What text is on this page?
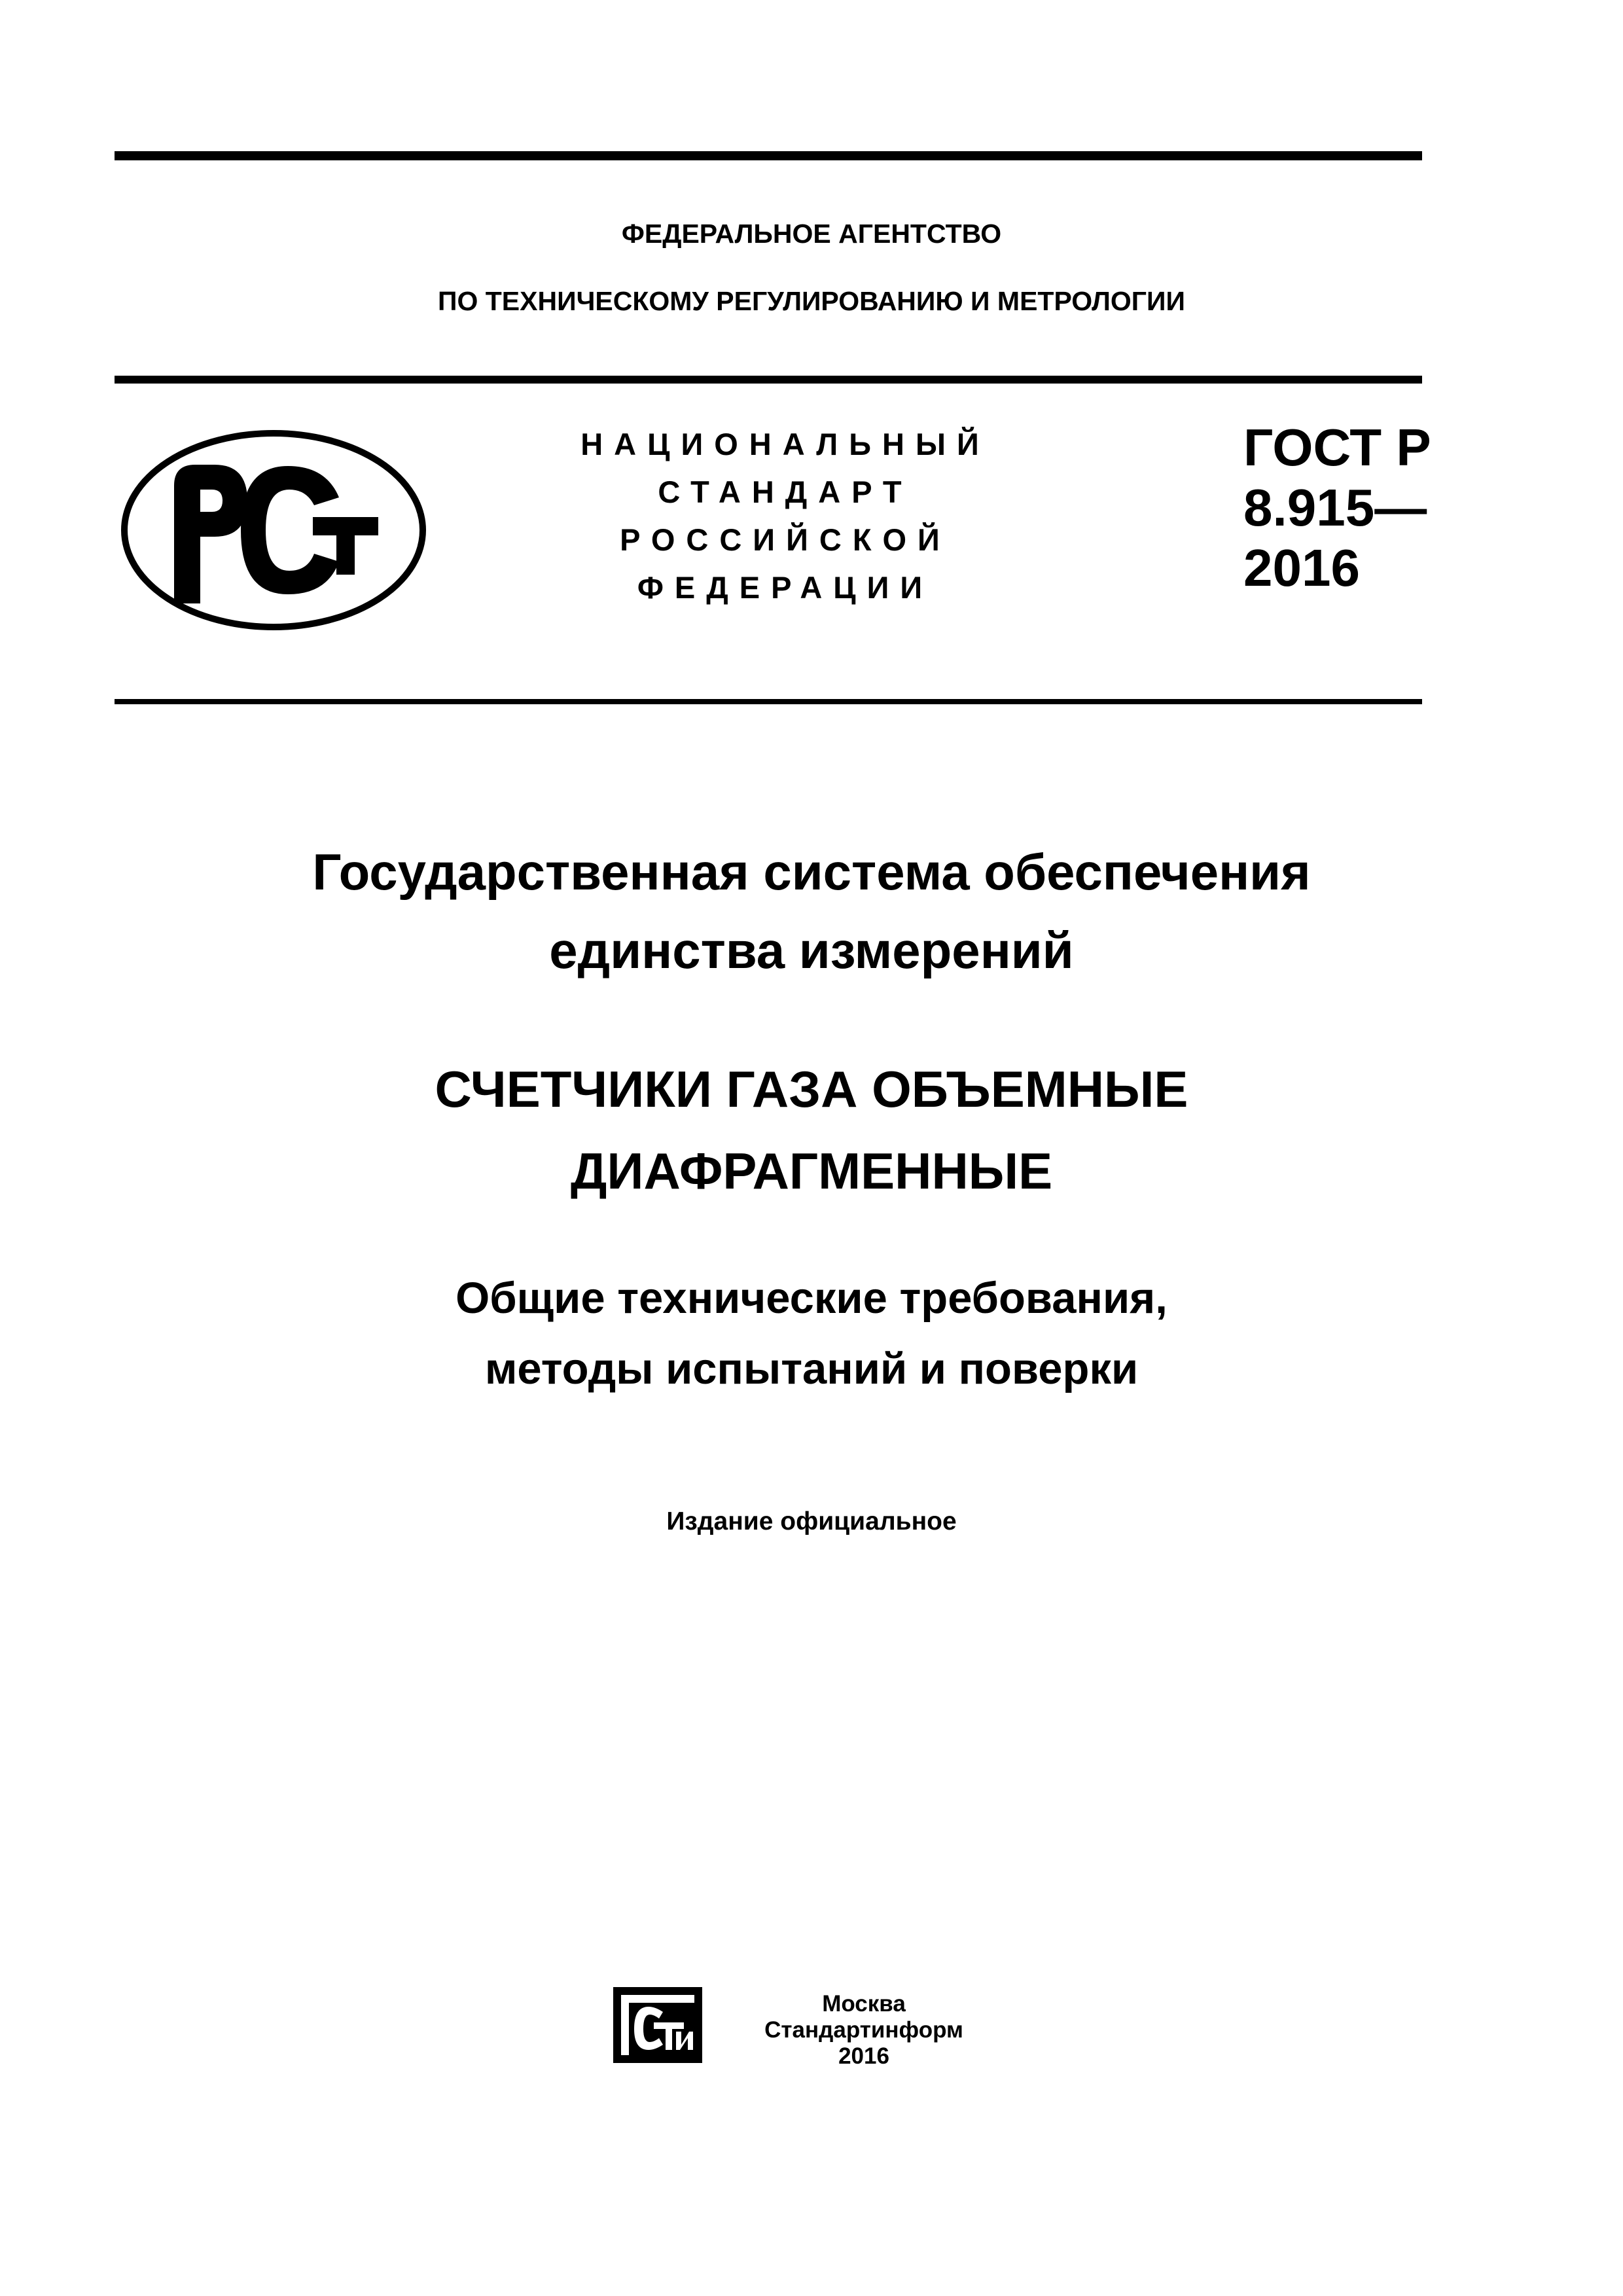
ФЕДЕРАЛЬНОЕ АГЕНТСТВО
ПО ТЕХНИЧЕСКОМУ РЕГУЛИРОВАНИЮ И МЕТРОЛОГИИ
НАЦИОНАЛЬНЫЙ
СТАНДАРТ
РОССИЙСКОЙ
ФЕДЕРАЦИИ
ГОСТ Р
8.915—
2016
Государственная система обеспечения
единства измерений
СЧЕТЧИКИ ГАЗА ОБЪЕМНЫЕ
ДИАФРАГМЕННЫЕ
Общие технические требования,
методы испытаний и поверки
Издание официальное
Москва
Стандартинформ
2016
